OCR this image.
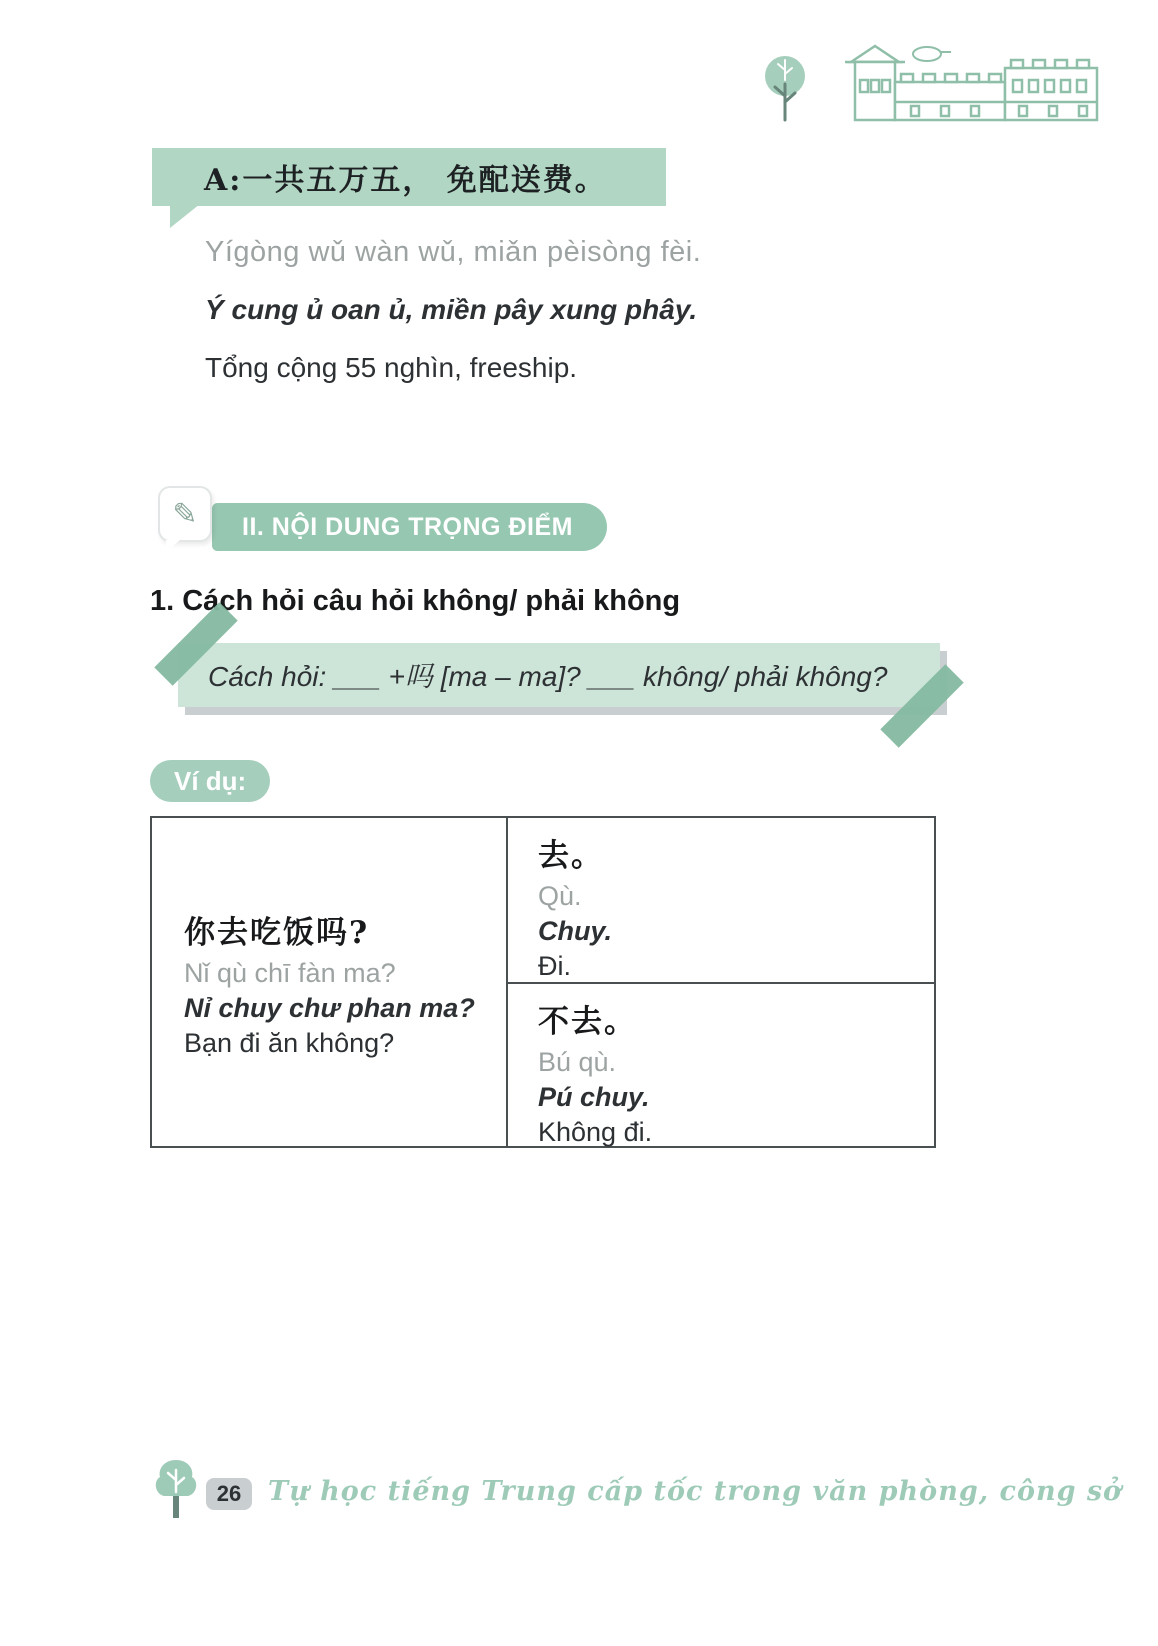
A:一共五万五， 免配送费。
Yígòng wǔ wàn wǔ, miǎn pèisòng fèi.
Ý cung ủ oan ủ, miền pây xung phây.
Tổng cộng 55 nghìn, freeship.
✎ II. NỘI DUNG TRỌNG ĐIỂM
1. Cách hỏi câu hỏi không/ phải không
Cách hỏi: ___ +吗 [ma – ma]? ___ không/ phải không?
Ví dụ:
你去吃饭吗?
Nǐ qù chī fàn ma?
Nỉ chuy chư phan ma?
Bạn đi ăn không?
去。
Qù.
Chuy.
Đi.
不去。
Bú qù.
Pú chuy.
Không đi.
26 Tự học tiếng Trung cấp tốc trong văn phòng, công sở
